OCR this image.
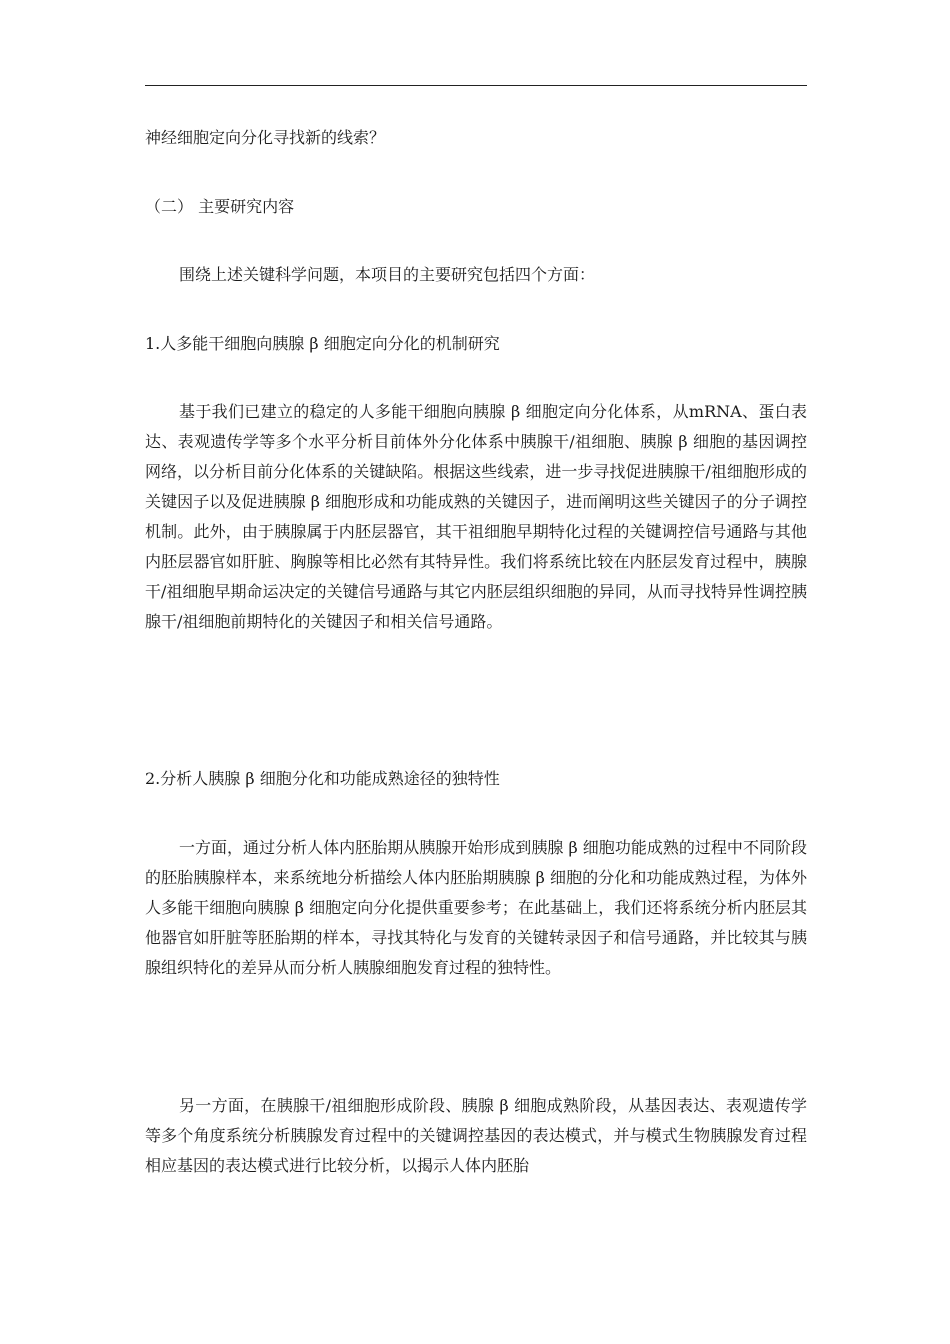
神经细胞定向分化寻找新的线索？
（二） 主要研究内容
围绕上述关键科学问题，本项目的主要研究包括四个方面：
1.人多能干细胞向胰腺 β 细胞定向分化的机制研究

基于我们已建立的稳定的人多能干细胞向胰腺 β 细胞定向分化体系，从mRNA、蛋白表达、表观遗传学等多个水平分析目前体外分化体系中胰腺干/祖细胞、胰腺 β 细胞的基因调控网络，以分析目前分化体系的关键缺陷。根据这些线索，进一步寻找促进胰腺干/祖细胞形成的关键因子以及促进胰腺 β 细胞形成和功能成熟的关键因子，进而阐明这些关键因子的分子调控机制。此外，由于胰腺属于内胚层器官，其干祖细胞早期特化过程的关键调控信号通路与其他内胚层器官如肝脏、胸腺等相比必然有其特异性。我们将系统比较在内胚层发育过程中，胰腺干/祖细胞早期命运决定的关键信号通路与其它内胚层组织细胞的异同，从而寻找特异性调控胰腺干/祖细胞前期特化的关键因子和相关信号通路。

2.分析人胰腺 β 细胞分化和功能成熟途径的独特性

一方面，通过分析人体内胚胎期从胰腺开始形成到胰腺 β 细胞功能成熟的过程中不同阶段的胚胎胰腺样本，来系统地分析描绘人体内胚胎期胰腺 β 细胞的分化和功能成熟过程，为体外人多能干细胞向胰腺 β 细胞定向分化提供重要参考；在此基础上，我们还将系统分析内胚层其他器官如肝脏等胚胎期的样本，寻找其特化与发育的关键转录因子和信号通路，并比较其与胰腺组织特化的差异从而分析人胰腺细胞发育过程的独特性。

另一方面，在胰腺干/祖细胞形成阶段、胰腺 β 细胞成熟阶段，从基因表达、表观遗传学等多个角度系统分析胰腺发育过程中的关键调控基因的表达模式，并与模式生物胰腺发育过程相应基因的表达模式进行比较分析，以揭示人体内胚胎
